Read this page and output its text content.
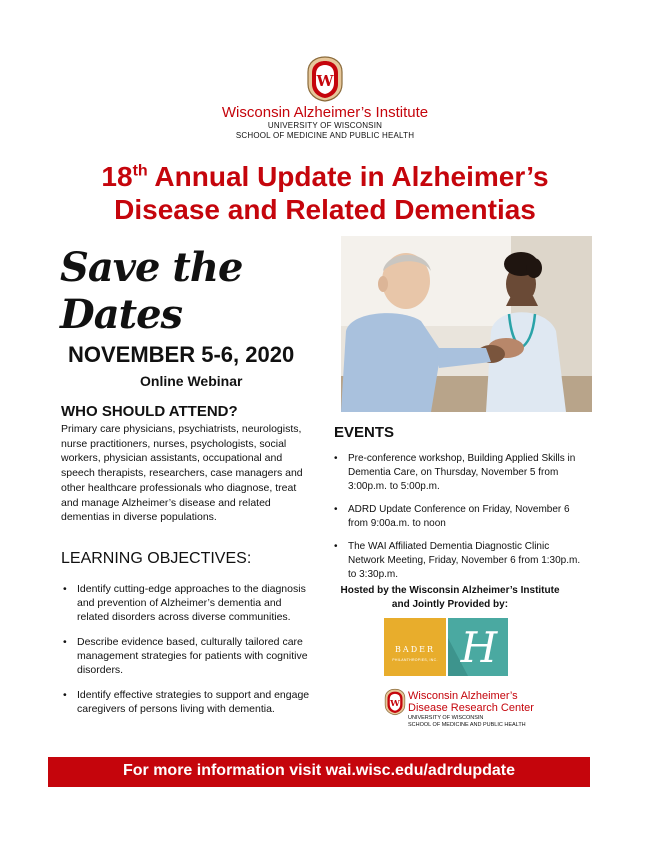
W
Wisconsin Alzheimer’s Institute
UNIVERSITY OF WISCONSIN
SCHOOL OF MEDICINE AND PUBLIC HEALTH
18th Annual Update in Alzheimer’s
Disease and Related Dementias
Save the Dates
NOVEMBER 5-6, 2020
Online Webinar
WHO SHOULD ATTEND?
Primary care physicians, psychiatrists, neurologists, nurse practitioners, nurses, psychologists, social workers, physician assistants, occupational and speech therapists, researchers, case managers and other healthcare professionals who diagnose, treat and manage Alzheimer’s disease and related dementias in diverse populations.
LEARNING OBJECTIVES:
• Identify cutting-edge approaches to the diagnosis and prevention of Alzheimer’s dementia and related disorders across diverse communities.
• Describe evidence based, culturally tailored care management strategies for patients with cognitive disorders.
• Identify effective strategies to support and engage caregivers of persons living with dementia.
EVENTS
• Pre-conference workshop, Building Applied Skills in Dementia Care, on Thursday, November 5 from 3:00p.m. to 5:00p.m.
• ADRD Update Conference on Friday, November 6 from 9:00a.m. to noon
• The WAI Affiliated Dementia Diagnostic Clinic Network Meeting, Friday, November 6 from 1:30p.m. to 3:30p.m.
Hosted by the Wisconsin Alzheimer’s Institute
and Jointly Provided by:
BADER
PHILANTHROPIES, INC. H
W
Wisconsin Alzheimer’s
Disease Research Center
UNIVERSITY OF WISCONSIN
SCHOOL OF MEDICINE AND PUBLIC HEALTH
For more information visit wai.wisc.edu/adrdupdate
